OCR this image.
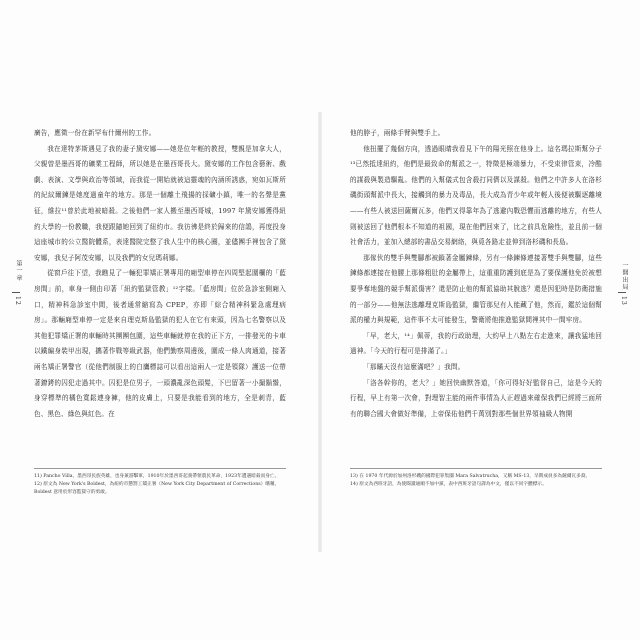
廣告，應徵一份在新罕布什爾州的工作。

我在達特茅斯遇見了我的妻子黛安娜——她是位年輕的教授，雙親是加拿大人，父親曾是墨西哥的礦業工程師，所以她是在墨西哥長大。黛安娜的工作包含藝術、戲劇、表演、文學與政治等領域，而我從一開始就被這靈魂的內涵所誘惑，宛如瓦斯所的紀紋爾鍊是她度過童年的地方。那是一個離土飛揚的採礦小鎮，唯一的名聲是黨征，維拉¹¹曾於此地被暗殺。之後他們一家人搬至墨西哥城，1997 年黛安娜獲得紐約大學的一份教職，我便跟隨她回到了紐約市。我彷彿是終於歸來的信鴿，再度投身這座城市的公立醫院體系，表達醫院完整了我人生中的核心圈，並儘團手裡包含了黛安娜，我兒子阿茂安娜，以及我們的女兒瑪莉娜。

從窗戶往下望，我瞧見了一輛犯罪矯正署專用的廂型車停在四周堅起圍欄的「藍房間」前，車身一側由印著「紐約監獄管教」¹²字樣。「藍房間」位於急診室側廂入口，精神科急診室中間，後者通常縮寫為 CPEP，亦即「綜合精神科緊急處理病房」。那輛廂型車停一定是來自理克斯島監獄的犯人在它有來頭，因為七名警察以及其他犯罪矯正署的車輛時其團團包圍，這些車輛就停在我的正下方，一排發光的卡車以鐵編身裝甲出現，攜著作戰等級武器，他們勤察周邊後，圍成一條人肉通道，接著兩名矯正署警官（從他們制服上的白鷹標誌可以看出這兩人一定是領隊）護送一位帶著鐐銬的囚犯走過其中。囚犯是位男子，一頭濃亂深色頭髮，下巴留著一小撮鬍鬚，身穿標準的橘色寬鬆連身褲，他的皮膚上，只要是我能看到的地方，全是刺青，藍色、黑色、綠色與紅色。在

11) Pancho Villa，墨西哥民族英雄，也身兼游擊軍，1910年於墨西哥起義帶領農民革命，1923年遭遇暗殺而身亡。

12) 原文為 New York's Boldest，為紐約市懲罰工矯正署（New York City Department of Corrections）暱稱，Boldest 意用於形容監獄守的勇敢。

第一章
12

他的脖子，兩條手臂與雙手上。

他扭擺了幾個方向，透過眼睛我看見下午的陽光照在他身上。這名瑪拉斯幫分子¹³已然抵達紐約，他們是最致命的幫派之一，特徵是極端暴力，不受束律管束，冷酷的謀殺與製造驅亂。他們的入幫儀式包含殺打同儕以及謀殺。他們之中許多人在洛杉磯街頭幫派中長大，接觸到的暴力及毒品，長大成為青少年或年輕人後便被驅逐離境——有些人被送回薩爾瓦多，他們又得靠年為了逃避內戰恐懼而逃離的地方，有些人則被送回了他們根本不知道的祖國，現在他們回來了，比之前具危險性，並且前一個社會活力，並加入總部的書品交易網絡，與覓各路走並伸到洛杉磯和長島。

那傢伙的雙手與雙腳都被鎖著金屬鍊條，另有一條鍊條連接著雙手與雙腳，這些鍊條都連接在他腰上那條粗肚的金屬帶上，這重重防護到底是為了要保護他免於被想要爭奪地盤的競手幫派傷害？還是防止他的幫派協助其脫逃？還是因犯時是防衛措施的一部分——他無法逃離理克斯島監獄，繼管那兒有人能藏了他，然而，鑑於這個幫派的權力與規範，這件事不太可能發生，警衛將他推進監獄間裡其中一間牢房。

「早，老大，¹⁴」佩蒂，我的行政助理，大約早上八點左右走進來，讓我猛地回過神。「今天的行程可是排滿了。」

「那瞞天沒有這麼滿吧？」我問。

「洛各幹你的，老大？」她回快幽默答道，「你可得好好監督自己，這是今天的行程，早上有第一次會，對理智主能的兩件事情為人正趕過來確保我們已經將三面所有的聯合國大會做好準備，上帝保佑他們千萬別對那些個世界領袖級人物開

13) 在 1970 年代源於加州洛杉磯的國際犯罪集團 Mara Salvatrucha，又稱 MS-13，早期成員多為薩爾瓦多裔。

14) 原文為西班牙語，為使閱讀通順不加中黨，表中西班牙語句譯為中文，僅以不同字體標示。

一開出局
13
